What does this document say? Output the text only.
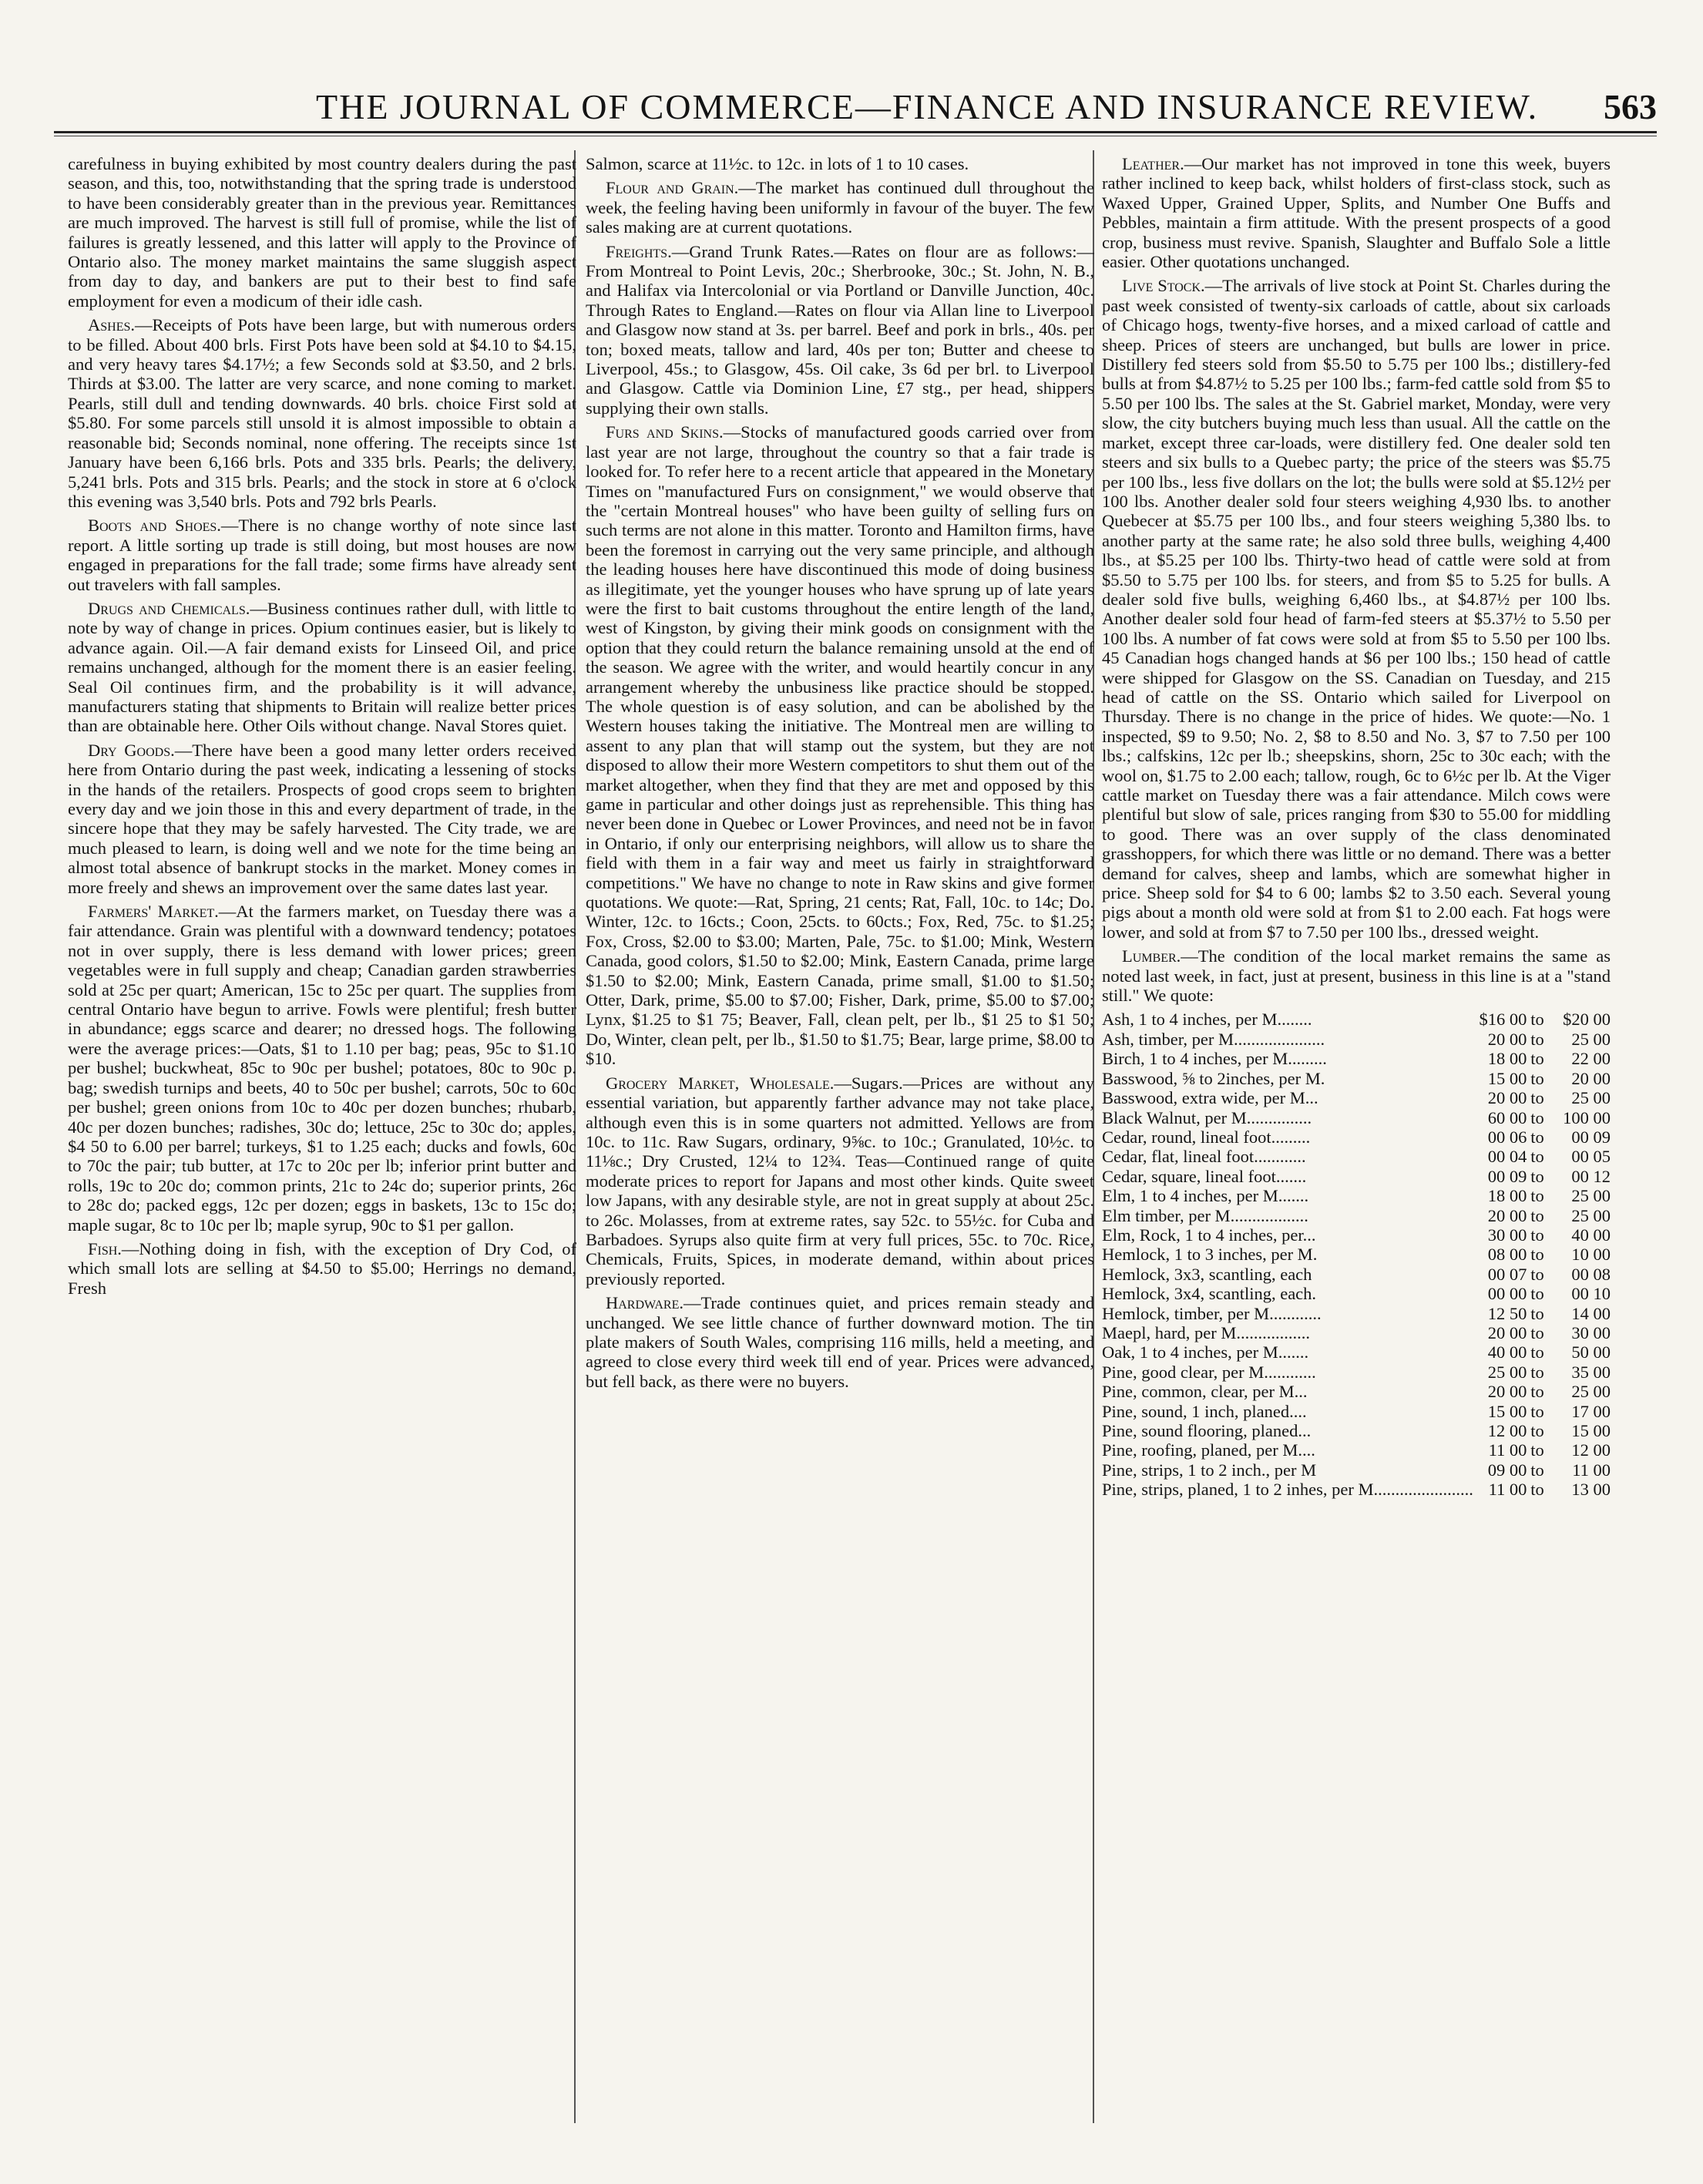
THE JOURNAL OF COMMERCE—FINANCE AND INSURANCE REVIEW. 563

carefulness in buying exhibited by most country dealers during the past season, and this, too, notwithstanding that the spring trade is understood to have been considerably greater than in the previous year. Remittances are much improved. The harvest is still full of promise, while the list of failures is greatly lessened, and this latter will apply to the Province of Ontario also. The money market maintains the same sluggish aspect from day to day, and bankers are put to their best to find safe employment for even a modicum of their idle cash.

Ashes.—Receipts of Pots have been large, but with numerous orders to be filled. About 400 brls. First Pots have been sold at $4.10 to $4.15, and very heavy tares $4.17½; a few Seconds sold at $3.50, and 2 brls. Thirds at $3.00. The latter are very scarce, and none coming to market. Pearls, still dull and tending downwards. 40 brls. choice First sold at $5.80. For some parcels still unsold it is almost impossible to obtain a reasonable bid; Seconds nominal, none offering. The receipts since 1st January have been 6,166 brls. Pots and 335 brls. Pearls; the delivery, 5,241 brls. Pots and 315 brls. Pearls; and the stock in store at 6 o'clock this evening was 3,540 brls. Pots and 792 brls Pearls.

Boots and Shoes.—There is no change worthy of note since last report. A little sorting up trade is still doing, but most houses are now engaged in preparations for the fall trade; some firms have already sent out travelers with fall samples.

Drugs and Chemicals.—Business continues rather dull, with little to note by way of change in prices. Opium continues easier, but is likely to advance again. Oil.—A fair demand exists for Linseed Oil, and price remains unchanged, although for the moment there is an easier feeling. Seal Oil continues firm, and the probability is it will advance, manufacturers stating that shipments to Britain will realize better prices than are obtainable here. Other Oils without change. Naval Stores quiet.

Dry Goods.—There have been a good many letter orders received here from Ontario during the past week, indicating a lessening of stocks in the hands of the retailers. Prospects of good crops seem to brighten every day and we join those in this and every department of trade, in the sincere hope that they may be safely harvested. The City trade, we are much pleased to learn, is doing well and we note for the time being an almost total absence of bankrupt stocks in the market. Money comes in more freely and shews an improvement over the same dates last year.

Farmers' Market.—At the farmers market, on Tuesday there was a fair attendance. Grain was plentiful with a downward tendency; potatoes not in over supply, there is less demand with lower prices; green vegetables were in full supply and cheap; Canadian garden strawberries sold at 25c per quart; American, 15c to 25c per quart. The supplies from central Ontario have begun to arrive. Fowls were plentiful; fresh butter in abundance; eggs scarce and dearer; no dressed hogs. The following were the average prices:—Oats, $1 to 1.10 per bag; peas, 95c to $1.10 per bushel; buckwheat, 85c to 90c per bushel; potatoes, 80c to 90c p. bag; swedish turnips and beets, 40 to 50c per bushel; carrots, 50c to 60c per bushel; green onions from 10c to 40c per dozen bunches; rhubarb, 40c per dozen bunches; radishes, 30c do; lettuce, 25c to 30c do; apples, $4 50 to 6.00 per barrel; turkeys, $1 to 1.25 each; ducks and fowls, 60c to 70c the pair; tub butter, at 17c to 20c per lb; inferior print butter and rolls, 19c to 20c do; common prints, 21c to 24c do; superior prints, 26c to 28c do; packed eggs, 12c per dozen; eggs in baskets, 13c to 15c do; maple sugar, 8c to 10c per lb; maple syrup, 90c to $1 per gallon.

Fish.—Nothing doing in fish, with the exception of Dry Cod, of which small lots are selling at $4.50 to $5.00; Herrings no demand, Fresh

Salmon, scarce at 11½c. to 12c. in lots of 1 to 10 cases.

Flour and Grain.—The market has continued dull throughout the week, the feeling having been uniformly in favour of the buyer. The few sales making are at current quotations.

Freights.—Grand Trunk Rates.—Rates on flour are as follows:—From Montreal to Point Levis, 20c.; Sherbrooke, 30c.; St. John, N. B., and Halifax via Intercolonial or via Portland or Danville Junction, 40c. Through Rates to England.—Rates on flour via Allan line to Liverpool and Glasgow now stand at 3s. per barrel. Beef and pork in brls., 40s. per ton; boxed meats, tallow and lard, 40s per ton; Butter and cheese to Liverpool, 45s.; to Glasgow, 45s. Oil cake, 3s 6d per brl. to Liverpool and Glasgow. Cattle via Dominion Line, £7 stg., per head, shippers supplying their own stalls.

Furs and Skins.—Stocks of manufactured goods carried over from last year are not large, throughout the country so that a fair trade is looked for. To refer here to a recent article that appeared in the Monetary Times on "manufactured Furs on consignment," we would observe that the "certain Montreal houses" who have been guilty of selling furs on such terms are not alone in this matter. Toronto and Hamilton firms, have been the foremost in carrying out the very same principle, and although the leading houses here have discontinued this mode of doing business as illegitimate, yet the younger houses who have sprung up of late years were the first to bait customs throughout the entire length of the land, west of Kingston, by giving their mink goods on consignment with the option that they could return the balance remaining unsold at the end of the season. We agree with the writer, and would heartily concur in any arrangement whereby the unbusiness like practice should be stopped. The whole question is of easy solution, and can be abolished by the Western houses taking the initiative. The Montreal men are willing to assent to any plan that will stamp out the system, but they are not disposed to allow their more Western competitors to shut them out of the market altogether, when they find that they are met and opposed by this game in particular and other doings just as reprehensible. This thing has never been done in Quebec or Lower Provinces, and need not be in favor in Ontario, if only our enterprising neighbors, will allow us to share the field with them in a fair way and meet us fairly in straightforward competitions." We have no change to note in Raw skins and give former quotations. We quote:—Rat, Spring, 21 cents; Rat, Fall, 10c. to 14c; Do. Winter, 12c. to 16cts.; Coon, 25cts. to 60cts.; Fox, Red, 75c. to $1.25; Fox, Cross, $2.00 to $3.00; Marten, Pale, 75c. to $1.00; Mink, Western Canada, good colors, $1.50 to $2.00; Mink, Eastern Canada, prime large $1.50 to $2.00; Mink, Eastern Canada, prime small, $1.00 to $1.50; Otter, Dark, prime, $5.00 to $7.00; Fisher, Dark, prime, $5.00 to $7.00; Lynx, $1.25 to $1 75; Beaver, Fall, clean pelt, per lb., $1 25 to $1 50; Do, Winter, clean pelt, per lb., $1.50 to $1.75; Bear, large prime, $8.00 to $10.

Grocery Market, Wholesale.—Sugars.—Prices are without any essential variation, but apparently farther advance may not take place, although even this is in some quarters not admitted. Yellows are from 10c. to 11c. Raw Sugars, ordinary, 9⅝c. to 10c.; Granulated, 10½c. to 11⅛c.; Dry Crusted, 12¼ to 12¾. Teas—Continued range of quite moderate prices to report for Japans and most other kinds. Quite sweet low Japans, with any desirable style, are not in great supply at about 25c. to 26c. Molasses, from at extreme rates, say 52c. to 55½c. for Cuba and Barbadoes. Syrups also quite firm at very full prices, 55c. to 70c. Rice, Chemicals, Fruits, Spices, in moderate demand, within about prices previously reported.

Hardware.—Trade continues quiet, and prices remain steady and unchanged. We see little chance of further downward motion. The tin plate makers of South Wales, comprising 116 mills, held a meeting, and agreed to close every third week till end of year. Prices were advanced, but fell back, as there were no buyers.

Leather.—Our market has not improved in tone this week, buyers rather inclined to keep back, whilst holders of first-class stock, such as Waxed Upper, Grained Upper, Splits, and Number One Buffs and Pebbles, maintain a firm attitude. With the present prospects of a good crop, business must revive. Spanish, Slaughter and Buffalo Sole a little easier. Other quotations unchanged.

Live Stock.—The arrivals of live stock at Point St. Charles during the past week consisted of twenty-six carloads of cattle, about six carloads of Chicago hogs, twenty-five horses, and a mixed carload of cattle and sheep. Prices of steers are unchanged, but bulls are lower in price. Distillery fed steers sold from $5.50 to 5.75 per 100 lbs.; distillery-fed bulls at from $4.87½ to 5.25 per 100 lbs.; farm-fed cattle sold from $5 to 5.50 per 100 lbs. The sales at the St. Gabriel market, Monday, were very slow, the city butchers buying much less than usual. All the cattle on the market, except three car-loads, were distillery fed. One dealer sold ten steers and six bulls to a Quebec party; the price of the steers was $5.75 per 100 lbs., less five dollars on the lot; the bulls were sold at $5.12½ per 100 lbs. Another dealer sold four steers weighing 4,930 lbs. to another Quebecer at $5.75 per 100 lbs., and four steers weighing 5,380 lbs. to another party at the same rate; he also sold three bulls, weighing 4,400 lbs., at $5.25 per 100 lbs. Thirty-two head of cattle were sold at from $5.50 to 5.75 per 100 lbs. for steers, and from $5 to 5.25 for bulls. A dealer sold five bulls, weighing 6,460 lbs., at $4.87½ per 100 lbs. Another dealer sold four head of farm-fed steers at $5.37½ to 5.50 per 100 lbs. A number of fat cows were sold at from $5 to 5.50 per 100 lbs. 45 Canadian hogs changed hands at $6 per 100 lbs.; 150 head of cattle were shipped for Glasgow on the SS. Canadian on Tuesday, and 215 head of cattle on the SS. Ontario which sailed for Liverpool on Thursday. There is no change in the price of hides. We quote:—No. 1 inspected, $9 to 9.50; No. 2, $8 to 8.50 and No. 3, $7 to 7.50 per 100 lbs.; calfskins, 12c per lb.; sheepskins, shorn, 25c to 30c each; with the wool on, $1.75 to 2.00 each; tallow, rough, 6c to 6½c per lb. At the Viger cattle market on Tuesday there was a fair attendance. Milch cows were plentiful but slow of sale, prices ranging from $30 to 55.00 for middling to good. There was an over supply of the class denominated grasshoppers, for which there was little or no demand. There was a better demand for calves, sheep and lambs, which are somewhat higher in price. Sheep sold for $4 to 6 00; lambs $2 to 3.50 each. Several young pigs about a month old were sold at from $1 to 2.00 each. Fat hogs were lower, and sold at from $7 to 7.50 per 100 lbs., dressed weight.

Lumber.—The condition of the local market remains the same as noted last week, in fact, just at present, business in this line is at a "stand still." We quote:

Ash, 1 to 4 inches, per M........	$16 00	to	$20 00
Ash, timber, per M.....................	20 00	to	25 00
Birch, 1 to 4 inches, per M.........	18 00	to	22 00
Basswood, ⅝ to 2inches, per M.	15 00	to	20 00
Basswood, extra wide, per M...	20 00	to	25 00
Black Walnut, per M...............	60 00	to	100 00
Cedar, round, lineal foot.........	00 06	to	00 09
Cedar, flat, lineal foot............	00 04	to	00 05
Cedar, square, lineal foot.......	00 09	to	00 12
Elm, 1 to 4 inches, per M.......	18 00	to	25 00
Elm timber, per M..................	20 00	to	25 00
Elm, Rock, 1 to 4 inches, per...	30 00	to	40 00
Hemlock, 1 to 3 inches, per M.	08 00	to	10 00
Hemlock, 3x3, scantling, each	00 07	to	00 08
Hemlock, 3x4, scantling, each.	00 00	to	00 10
Hemlock, timber, per M............	12 50	to	14 00
Maepl, hard, per M.................	20 00	to	30 00
Oak, 1 to 4 inches, per M.......	40 00	to	50 00
Pine, good clear, per M............	25 00	to	35 00
Pine, common, clear, per M...	20 00	to	25 00
Pine, sound, 1 inch, planed....	15 00	to	17 00
Pine, sound flooring, planed...	12 00	to	15 00
Pine, roofing, planed, per M....	11 00	to	12 00
Pine, strips, 1 to 2 inch., per M	09 00	to	11 00
Pine, strips, planed, 1 to 2 inhes, per M.......................	11 00	to	13 00
